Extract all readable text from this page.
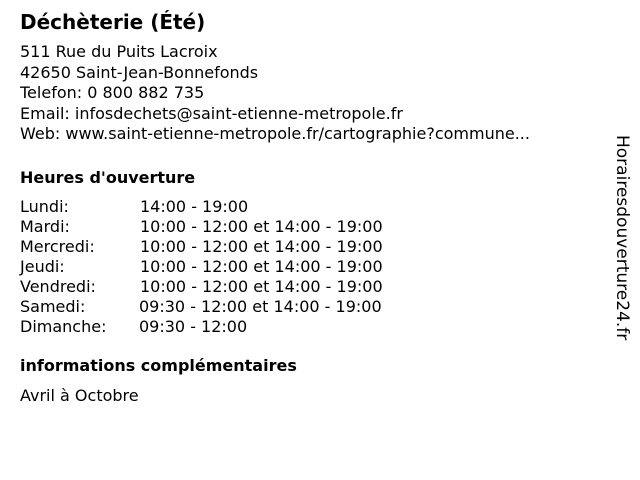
Déchèterie (Été)
511 Rue du Puits Lacroix
42650 Saint-Jean-Bonnefonds
Telefon: 0 800 882 735
Email: infosdechets@saint-etienne-metropole.fr
Web: www.saint-etienne-metropole.fr/cartographie?commune...
Heures d'ouverture
Lundi:	14:00 - 19:00
Mardi:	10:00 - 12:00 et 14:00 - 19:00
Mercredi:	10:00 - 12:00 et 14:00 - 19:00
Jeudi:	10:00 - 12:00 et 14:00 - 19:00
Vendredi:	10:00 - 12:00 et 14:00 - 19:00
Samedi:	09:30 - 12:00 et 14:00 - 19:00
Dimanche:	09:30 - 12:00
informations complémentaires
Avril à Octobre
Horairesdouverture24.fr
